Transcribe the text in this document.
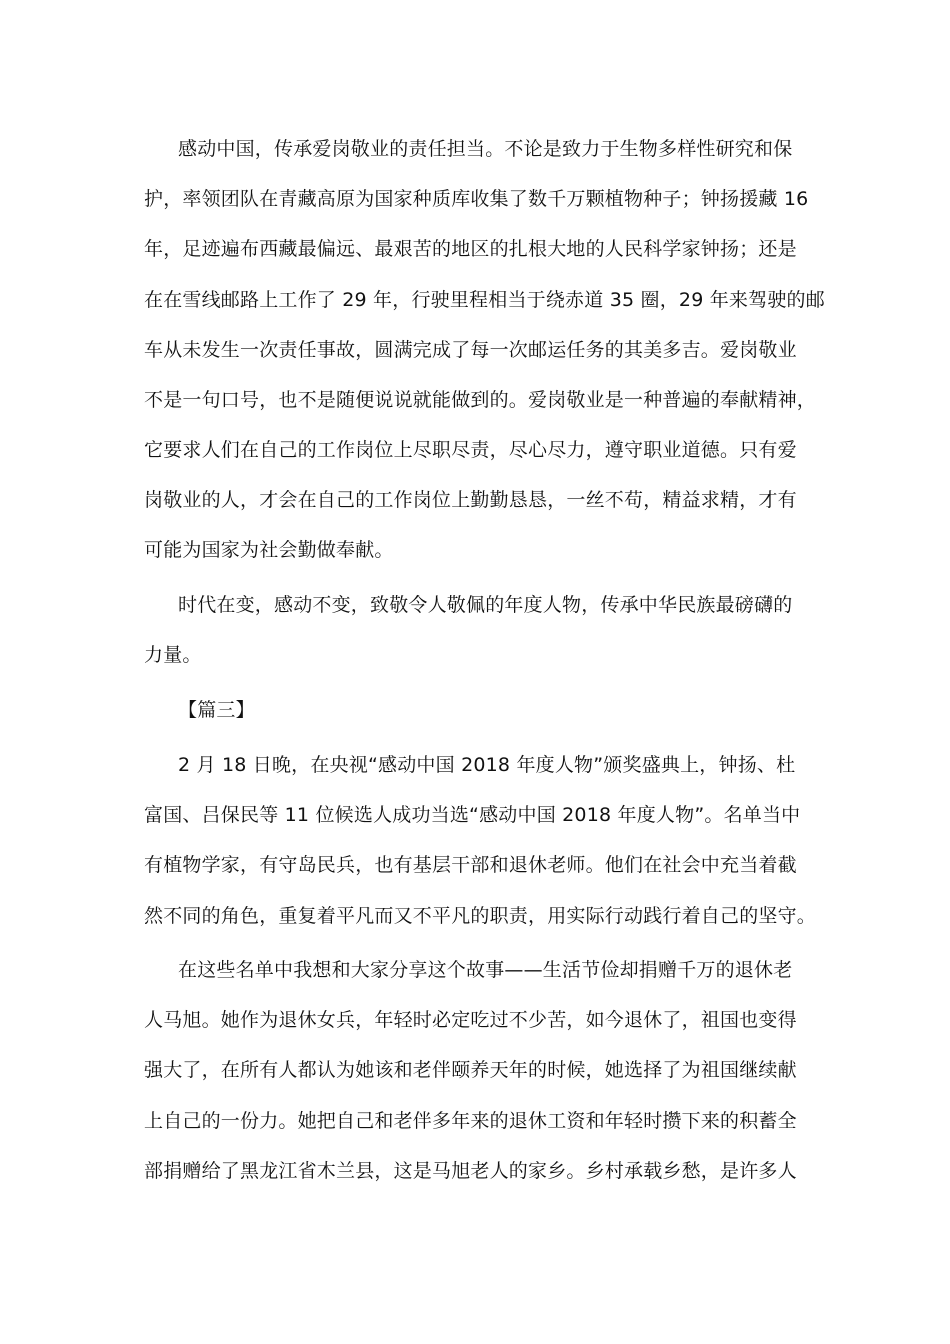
感动中国，传承爱岗敬业的责任担当。不论是致力于生物多样性研究和保
护，率领团队在青藏高原为国家种质库收集了数千万颗植物种子；钟扬援藏 16
年，足迹遍布西藏最偏远、最艰苦的地区的扎根大地的人民科学家钟扬；还是
在在雪线邮路上工作了 29 年，行驶里程相当于绕赤道 35 圈，29 年来驾驶的邮
车从未发生一次责任事故，圆满完成了每一次邮运任务的其美多吉。爱岗敬业
不是一句口号，也不是随便说说就能做到的。爱岗敬业是一种普遍的奉献精神，
它要求人们在自己的工作岗位上尽职尽责，尽心尽力，遵守职业道德。只有爱
岗敬业的人，才会在自己的工作岗位上勤勤恳恳，一丝不苟，精益求精，才有
可能为国家为社会勤做奉献。
时代在变，感动不变，致敬令人敬佩的年度人物，传承中华民族最磅礴的
力量。
【篇三】
2 月 18 日晚，在央视“感动中国 2018 年度人物”颁奖盛典上，钟扬、杜
富国、吕保民等 11 位候选人成功当选“感动中国 2018 年度人物”。名单当中
有植物学家，有守岛民兵，也有基层干部和退休老师。他们在社会中充当着截
然不同的角色，重复着平凡而又不平凡的职责，用实际行动践行着自己的坚守。
在这些名单中我想和大家分享这个故事——生活节俭却捐赠千万的退休老
人马旭。她作为退休女兵，年轻时必定吃过不少苦，如今退休了，祖国也变得
强大了，在所有人都认为她该和老伴颐养天年的时候，她选择了为祖国继续献
上自己的一份力。她把自己和老伴多年来的退休工资和年轻时攒下来的积蓄全
部捐赠给了黑龙江省木兰县，这是马旭老人的家乡。乡村承载乡愁，是许多人
